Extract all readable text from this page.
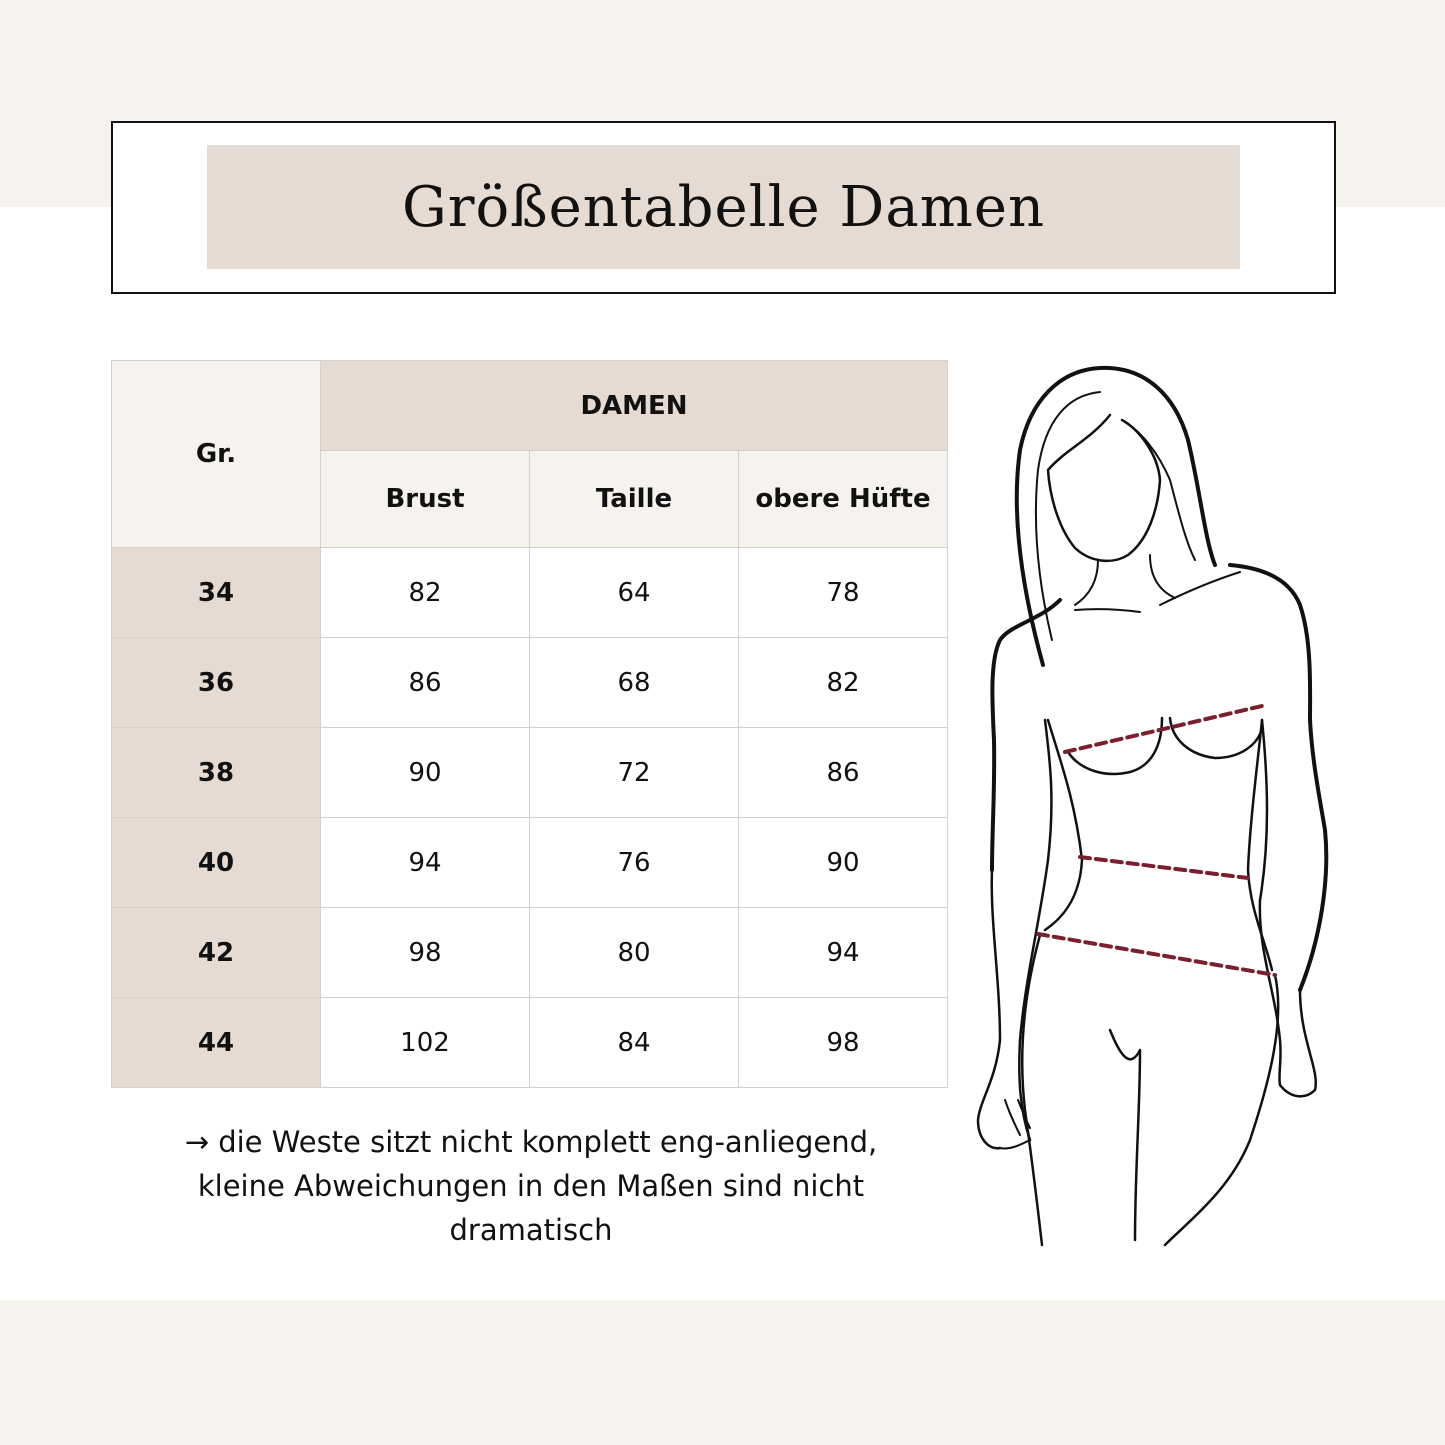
Größentabelle Damen
Gr.	DAMEN		
	Brust	Taille	obere Hüfte
34	82	64	78
36	86	68	82
38	90	72	86
40	94	76	90
42	98	80	94
44	102	84	98
→ die Weste sitzt nicht komplett eng-anliegend,
kleine Abweichungen in den Maßen sind nicht
dramatisch
